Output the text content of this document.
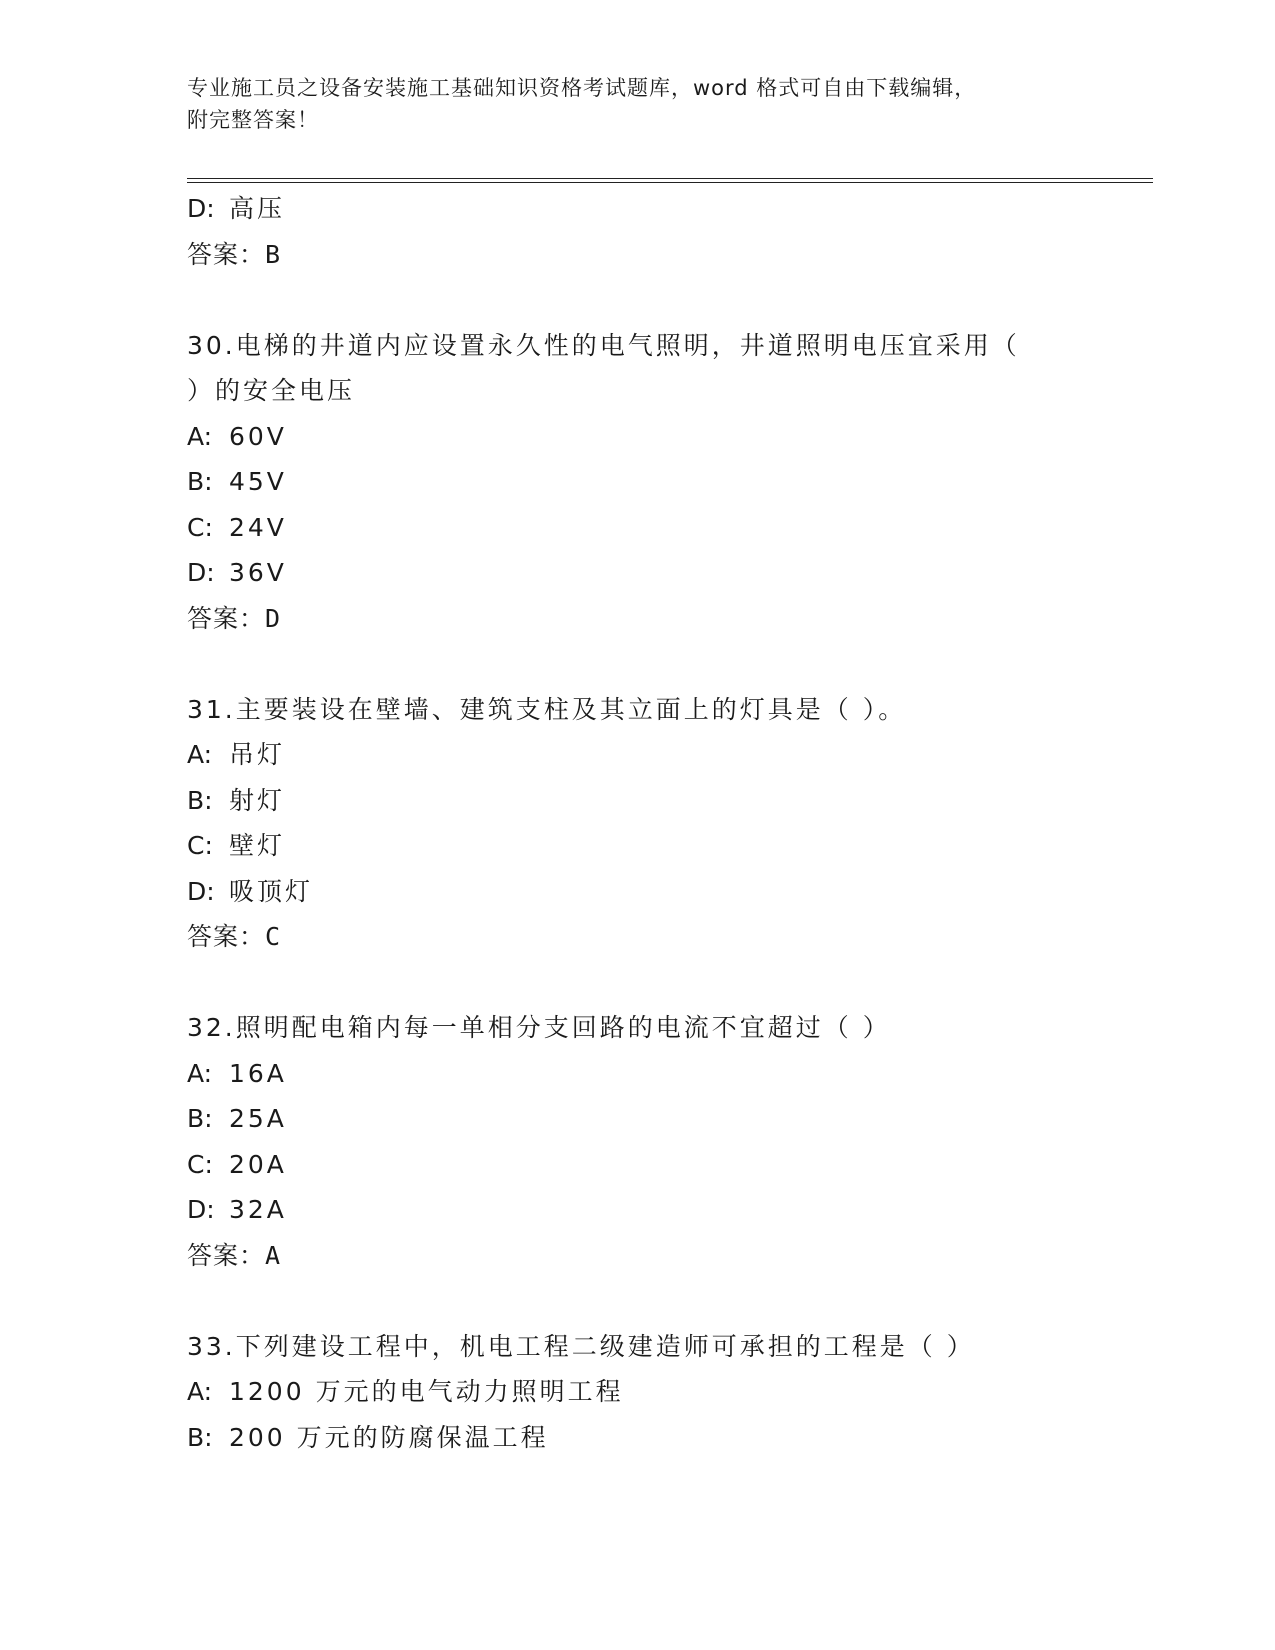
专业施工员之设备安装施工基础知识资格考试题库，word 格式可自由下载编辑，
附完整答案！
D: 高压
答案：B
30.电梯的井道内应设置永久性的电气照明，井道照明电压宜采用（
）的安全电压
A: 60V
B: 45V
C: 24V
D: 36V
答案：D
31.主要装设在壁墙、建筑支柱及其立面上的灯具是（ ）。
A: 吊灯
B: 射灯
C: 壁灯
D: 吸顶灯
答案：C
32.照明配电箱内每一单相分支回路的电流不宜超过（ ）
A: 16A
B: 25A
C: 20A
D: 32A
答案：A
33.下列建设工程中，机电工程二级建造师可承担的工程是（ ）
A: 1200 万元的电气动力照明工程
B: 200 万元的防腐保温工程
